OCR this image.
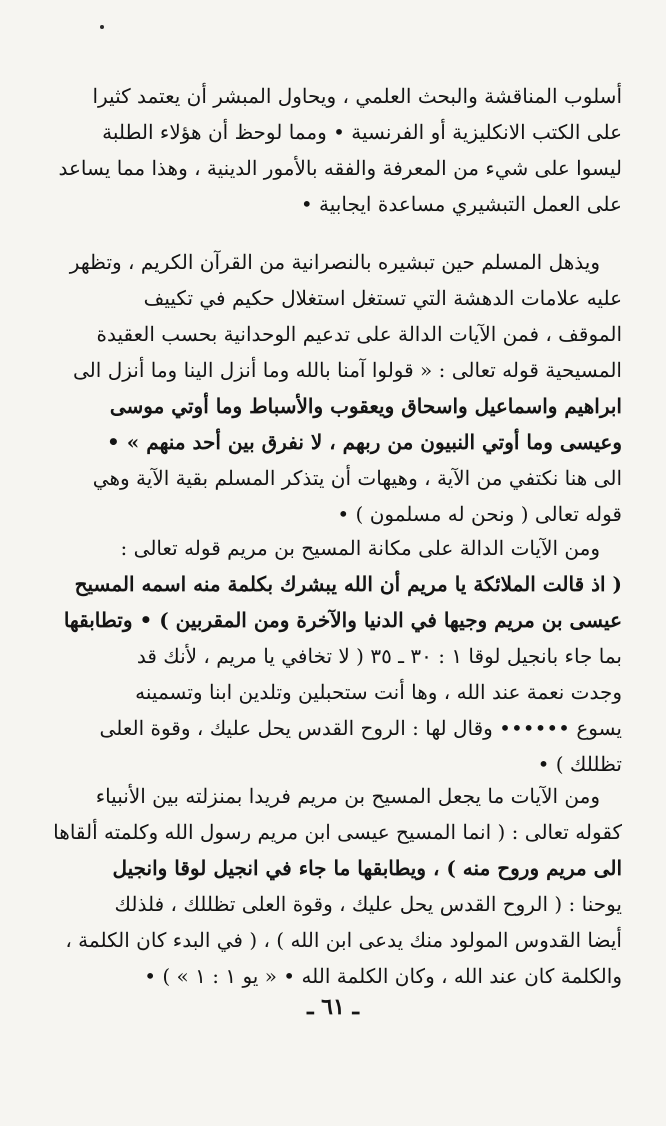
أسلوب المناقشة والبحث العلمي ، ويحاول المبشر أن يعتمد كثيرا
على الكتب الانكليزية أو الفرنسية • ومما لوحظ أن هؤلاء الطلبة
ليسوا على شيء من المعرفة والفقه بالأمور الدينية ، وهذا مما يساعد
على العمل التبشيري مساعدة ايجابية •
ويذهل المسلم حين تبشيره بالنصرانية من القرآن الكريم ، وتظهر
عليه علامات الدهشة التي تستغل استغلال حكيم في تكييف
الموقف ، فمن الآيات الدالة على تدعيم الوحدانية بحسب العقيدة
المسيحية قوله تعالى : « قولوا آمنا بالله وما أنزل الينا وما أنزل الى
ابراهيم واسماعيل واسحاق ويعقوب والأسباط وما أوتي موسى
وعيسى وما أوتي النبيون من ربهم ، لا نفرق بين أحد منهم » •
الى هنا نكتفي من الآية ، وهيهات أن يتذكر المسلم بقية الآية وهي
قوله تعالى ( ونحن له مسلمون ) •
ومن الآيات الدالة على مكانة المسيح بن مريم قوله تعالى :
( اذ قالت الملائكة يا مريم أن الله يبشرك بكلمة منه اسمه المسيح
عيسى بن مريم وجيها في الدنيا والآخرة ومن المقربين ) • وتطابقها
بما جاء بانجيل لوقا ١ : ٣٠ ـ ٣٥ ( لا تخافي يا مريم ، لأنك قد
وجدت نعمة عند الله ، وها أنت ستحبلين وتلدين ابنا وتسمينه
يسوع •••••• وقال لها : الروح القدس يحل عليك ، وقوة العلى
تظللك ) •
ومن الآيات ما يجعل المسيح بن مريم فريدا بمنزلته بين الأنبياء
كقوله تعالى : ( انما المسيح عيسى ابن مريم رسول الله وكلمته ألقاها
الى مريم وروح منه ) ، ويطابقها ما جاء في انجيل لوقا وانجيل
يوحنا : ( الروح القدس يحل عليك ، وقوة العلى تظللك ، فلذلك
أيضا القدوس المولود منك يدعى ابن الله ) ، ( في البدء كان الكلمة ،
والكلمة كان عند الله ، وكان الكلمة الله • « يو ١ : ١ » ) •
ـ ٦١ ـ
